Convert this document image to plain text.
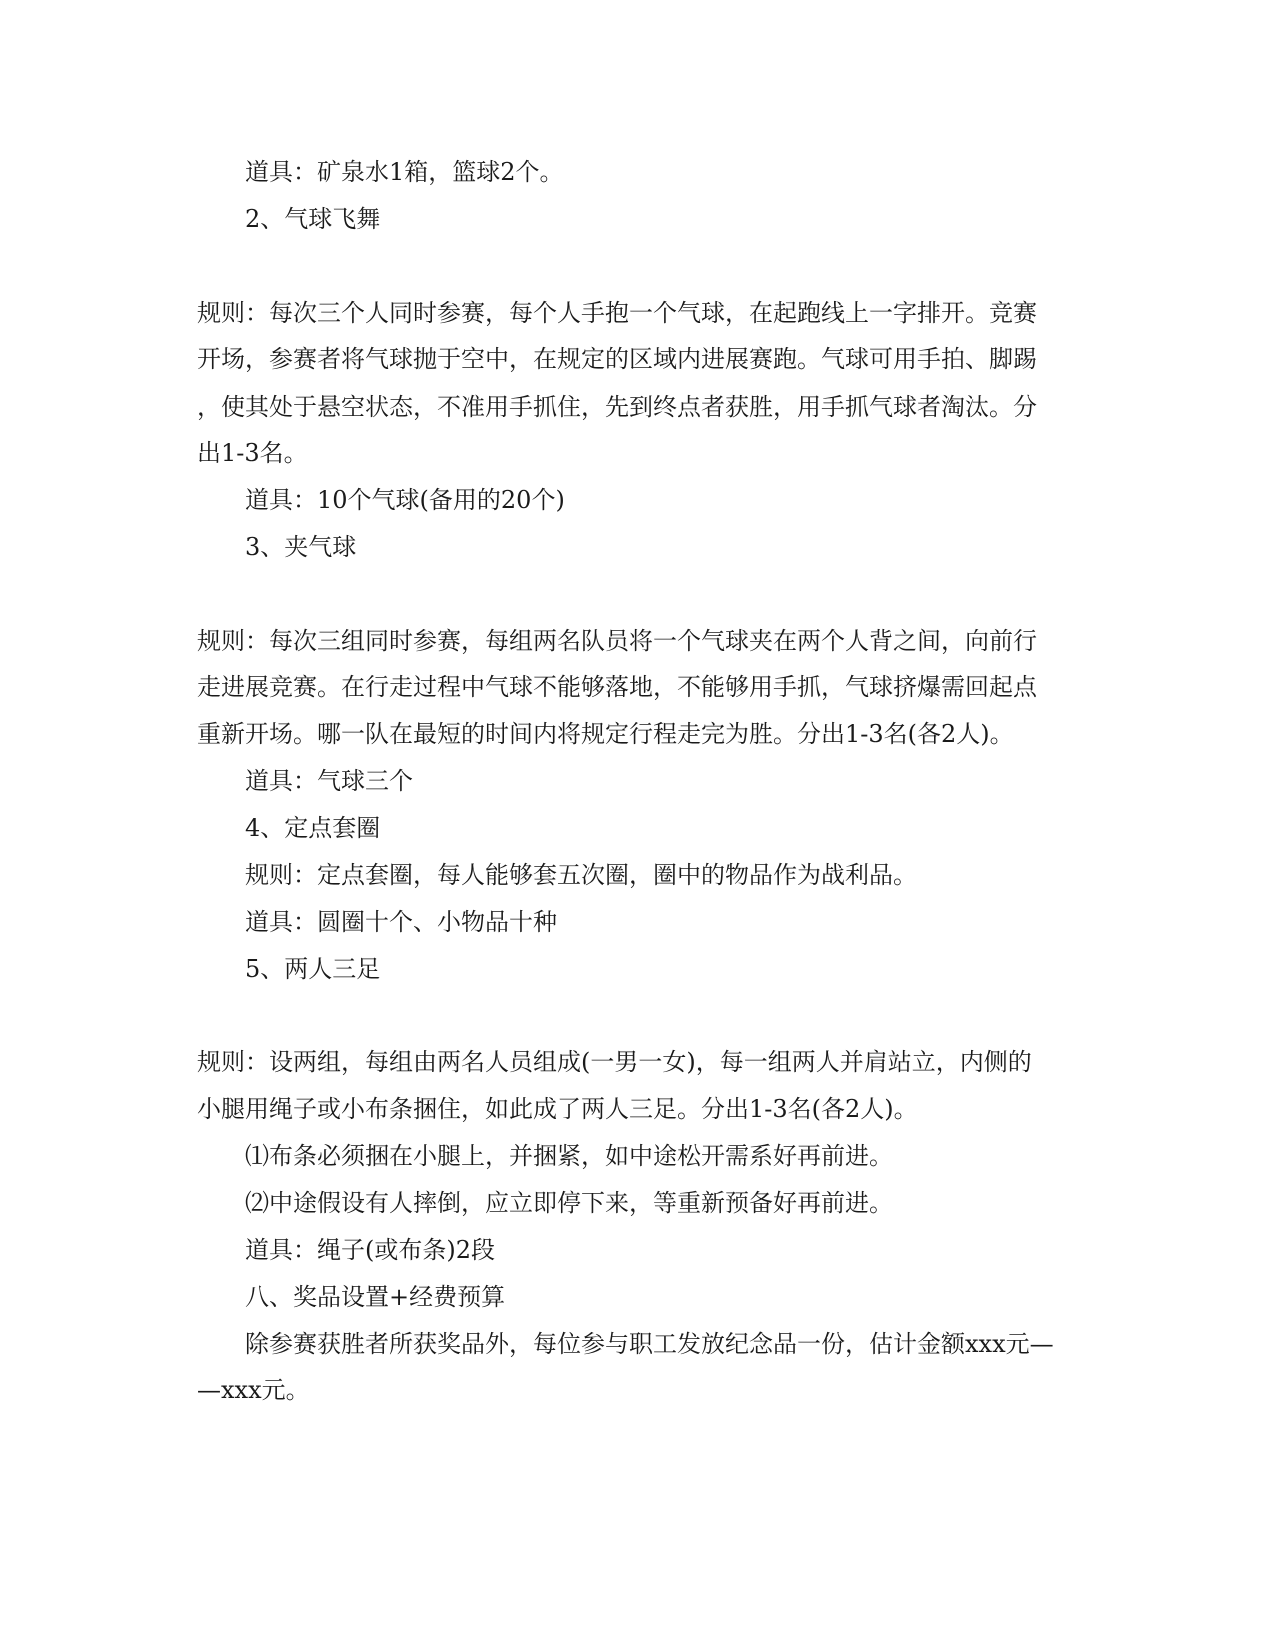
道具：矿泉水1箱，篮球2个。
2、气球飞舞
规则：每次三个人同时参赛，每个人手抱一个气球，在起跑线上一字排开。竞赛
开场，参赛者将气球抛于空中，在规定的区域内进展赛跑。气球可用手拍、脚踢
，使其处于悬空状态，不准用手抓住，先到终点者获胜，用手抓气球者淘汰。分
出1-3名。
道具：10个气球(备用的20个)
3、夹气球
规则：每次三组同时参赛，每组两名队员将一个气球夹在两个人背之间，向前行
走进展竞赛。在行走过程中气球不能够落地，不能够用手抓，气球挤爆需回起点
重新开场。哪一队在最短的时间内将规定行程走完为胜。分出1-3名(各2人)。
道具：气球三个
4、定点套圈
规则：定点套圈，每人能够套五次圈，圈中的物品作为战利品。
道具：圆圈十个、小物品十种
5、两人三足
规则：设两组，每组由两名人员组成(一男一女)，每一组两人并肩站立，内侧的
小腿用绳子或小布条捆住，如此成了两人三足。分出1-3名(各2人)。
⑴布条必须捆在小腿上，并捆紧，如中途松开需系好再前进。
⑵中途假设有人摔倒，应立即停下来，等重新预备好再前进。
道具：绳子(或布条)2段
八、奖品设置+经费预算
除参赛获胜者所获奖品外，每位参与职工发放纪念品一份，估计金额xxx元—
—xxx元。
